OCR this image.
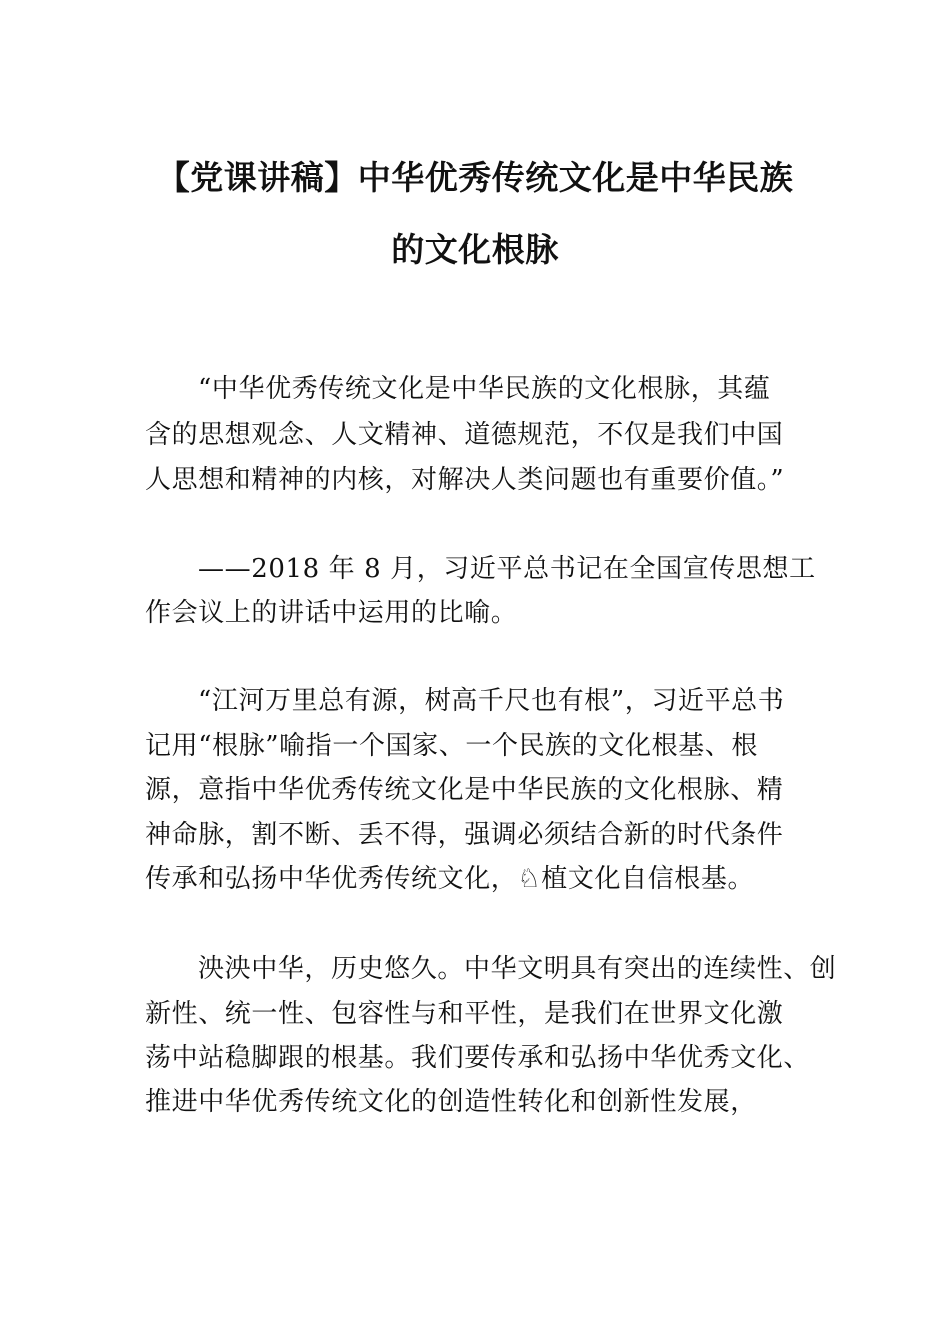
【党课讲稿】中华优秀传统文化是中华民族
的文化根脉
“中华优秀传统文化是中华民族的文化根脉，其蕴
含的思想观念、人文精神、道德规范，不仅是我们中国
人思想和精神的内核，对解决人类问题也有重要价值。”
——2018 年 8 月，习近平总书记在全国宣传思想工
作会议上的讲话中运用的比喻。
“江河万里总有源，树高千尺也有根”，习近平总书
记用“根脉”喻指一个国家、一个民族的文化根基、根
源，意指中华优秀传统文化是中华民族的文化根脉、精
神命脉，割不断、丢不得，强调必须结合新的时代条件
传承和弘扬中华优秀传统文化，♘植文化自信根基。
泱泱中华，历史悠久。中华文明具有突出的连续性、创
新性、统一性、包容性与和平性，是我们在世界文化激
荡中站稳脚跟的根基。我们要传承和弘扬中华优秀文化、
推进中华优秀传统文化的创造性转化和创新性发展，
